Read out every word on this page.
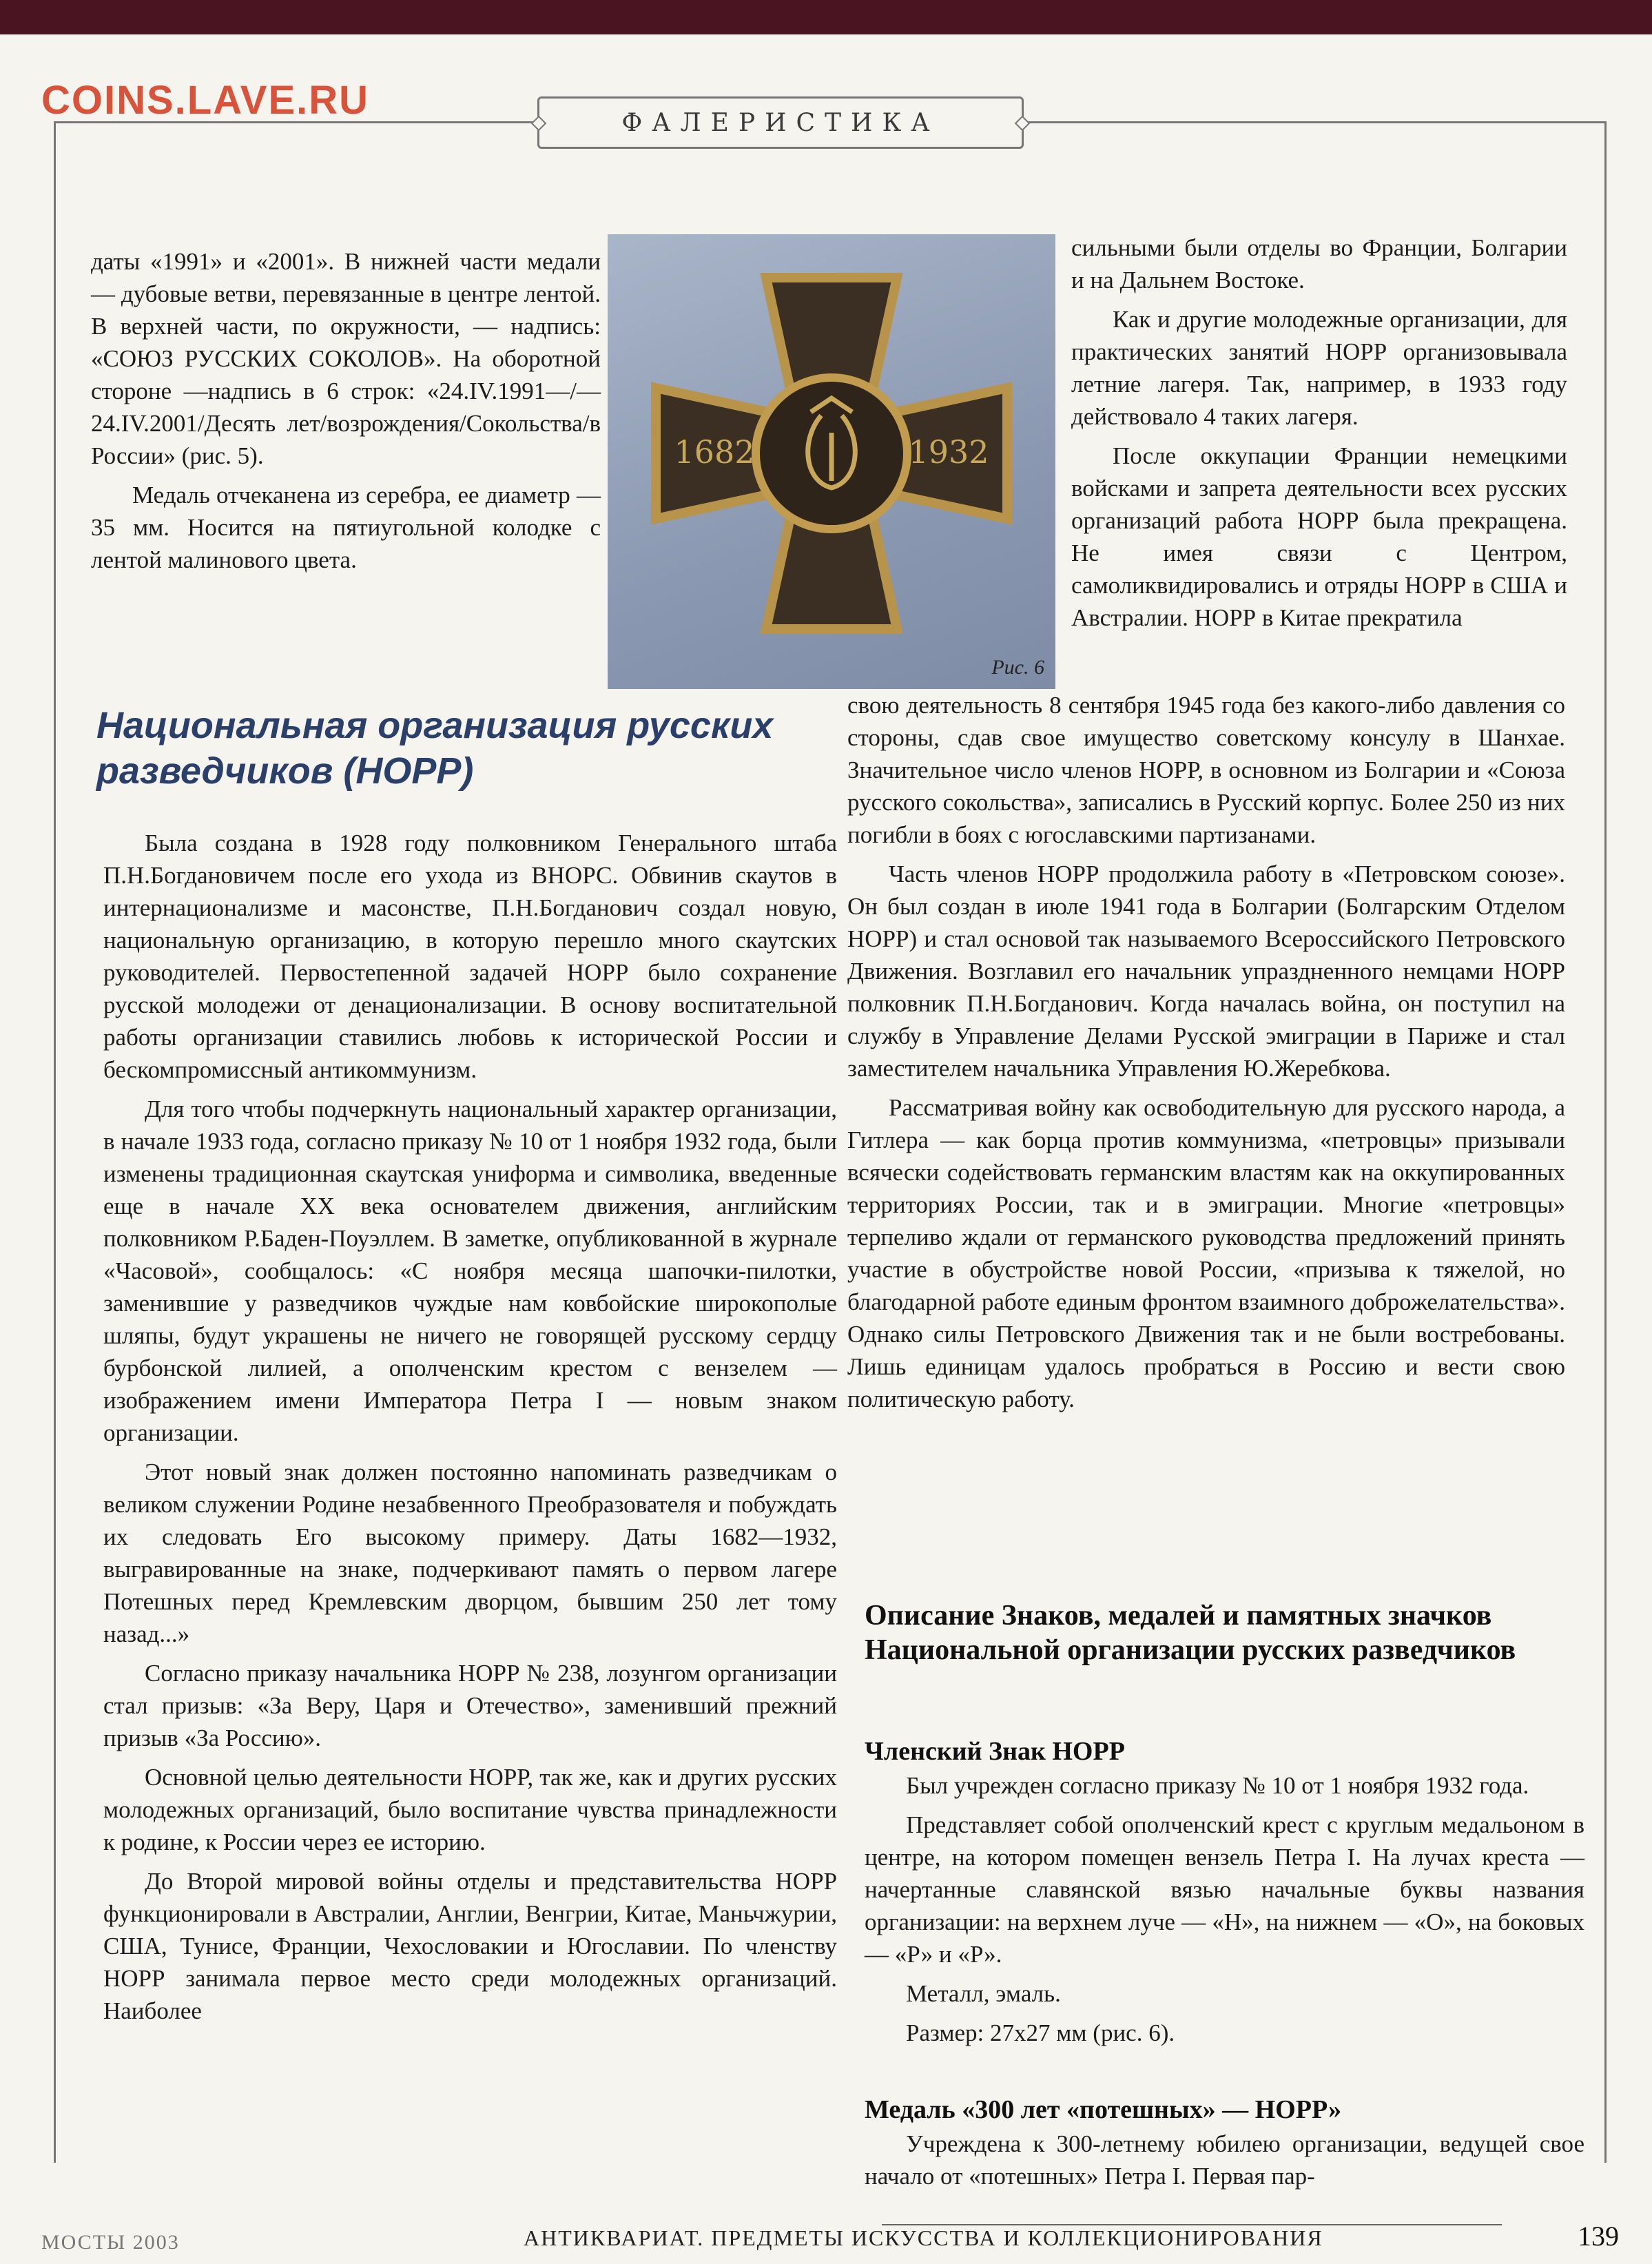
COINS.LAVE.RU	ФАЛЕРИСТИКА

даты «1991» и «2001». В нижней части медали — дубовые ветви, перевязанные в центре лентой. В верхней части, по окружности, — надпись: «СОЮЗ РУССКИХ СОКОЛОВ». На оборотной стороне —надпись в 6 строк: «24.IV.1991—/—24.IV.2001/Десять лет/возрождения/Сокольства/в России» (рис. 5).

Медаль отчеканена из серебра, ее диаметр — 35 мм. Носится на пятиугольной колодке с лентой малинового цвета.

1682	1932
Рис. 6

сильными были отделы во Франции, Болгарии и на Дальнем Востоке.

Как и другие молодежные организации, для практических занятий НОРР организовывала летние лагеря. Так, например, в 1933 году действовало 4 таких лагеря.

После оккупации Франции немецкими войсками и запрета деятельности всех русских организаций работа НОРР была прекращена. Не имея связи с Центром, самоликвидировались и отряды НОРР в США и Австралии. НОРР в Китае прекратила

Национальная организация русских разведчиков (НОРР)

Была создана в 1928 году полковником Генерального штаба П.Н.Богдановичем после его ухода из ВНОРС. Обвинив скаутов в интернационализме и масонстве, П.Н.Богданович создал новую, национальную организацию, в которую перешло много скаутских руководителей. Первостепенной задачей НОРР было сохранение русской молодежи от денационализации. В основу воспитательной работы организации ставились любовь к исторической России и бескомпромиссный антикоммунизм.

Для того чтобы подчеркнуть национальный характер организации, в начале 1933 года, согласно приказу № 10 от 1 ноября 1932 года, были изменены традиционная скаутская униформа и символика, введенные еще в начале XX века основателем движения, английским полковником Р.Баден-Поуэллем. В заметке, опубликованной в журнале «Часовой», сообщалось: «С ноября месяца шапочки-пилотки, заменившие у разведчиков чуждые нам ковбойские широкополые шляпы, будут украшены не ничего не говорящей русскому сердцу бурбонской лилией, а ополченским крестом с вензелем — изображением имени Императора Петра I — новым знаком организации.

Этот новый знак должен постоянно напоминать разведчикам о великом служении Родине незабвенного Преобразователя и побуждать их следовать Его высокому примеру. Даты 1682—1932, выгравированные на знаке, подчеркивают память о первом лагере Потешных перед Кремлевским дворцом, бывшим 250 лет тому назад...»

Согласно приказу начальника НОРР № 238, лозунгом организации стал призыв: «За Веру, Царя и Отечество», заменивший прежний призыв «За Россию».

Основной целью деятельности НОРР, так же, как и других русских молодежных организаций, было воспитание чувства принадлежности к родине, к России через ее историю.

До Второй мировой войны отделы и представительства НОРР функционировали в Австралии, Англии, Венгрии, Китае, Маньчжурии, США, Тунисе, Франции, Чехословакии и Югославии. По членству НОРР занимала первое место среди молодежных организаций. Наиболее

свою деятельность 8 сентября 1945 года без какого-либо давления со стороны, сдав свое имущество советскому консулу в Шанхае. Значительное число членов НОРР, в основном из Болгарии и «Союза русского сокольства», записались в Русский корпус. Более 250 из них погибли в боях с югославскими партизанами.

Часть членов НОРР продолжила работу в «Петровском союзе». Он был создан в июле 1941 года в Болгарии (Болгарским Отделом НОРР) и стал основой так называемого Всероссийского Петровского Движения. Возглавил его начальник упраздненного немцами НОРР полковник П.Н.Богданович. Когда началась война, он поступил на службу в Управление Делами Русской эмиграции в Париже и стал заместителем начальника Управления Ю.Жеребкова.

Рассматривая войну как освободительную для русского народа, а Гитлера — как борца против коммунизма, «петровцы» призывали всячески содействовать германским властям как на оккупированных территориях России, так и в эмиграции. Многие «петровцы» терпеливо ждали от германского руководства предложений принять участие в обустройстве новой России, «призыва к тяжелой, но благодарной работе единым фронтом взаимного доброжелательства». Однако силы Петровского Движения так и не были востребованы. Лишь единицам удалось пробраться в Россию и вести свою политическую работу.

Описание Знаков, медалей и памятных значков Национальной организации русских разведчиков
Членский Знак НОРР

Был учрежден согласно приказу № 10 от 1 ноября 1932 года.

Представляет собой ополченский крест с круглым медальоном в центре, на котором помещен вензель Петра I. На лучах креста — начертанные славянской вязью начальные буквы названия организации: на верхнем луче — «Н», на нижнем — «О», на боковых — «Р» и «Р».

Металл, эмаль.

Размер: 27х27 мм (рис. 6).

Медаль «300 лет «потешных» — НОРР»

Учреждена к 300-летнему юбилею организации, ведущей свое начало от «потешных» Петра I. Первая пар-

МОСТЫ 2003	АНТИКВАРИАТ. ПРЕДМЕТЫ ИСКУССТВА И КОЛЛЕКЦИОНИРОВАНИЯ	139
